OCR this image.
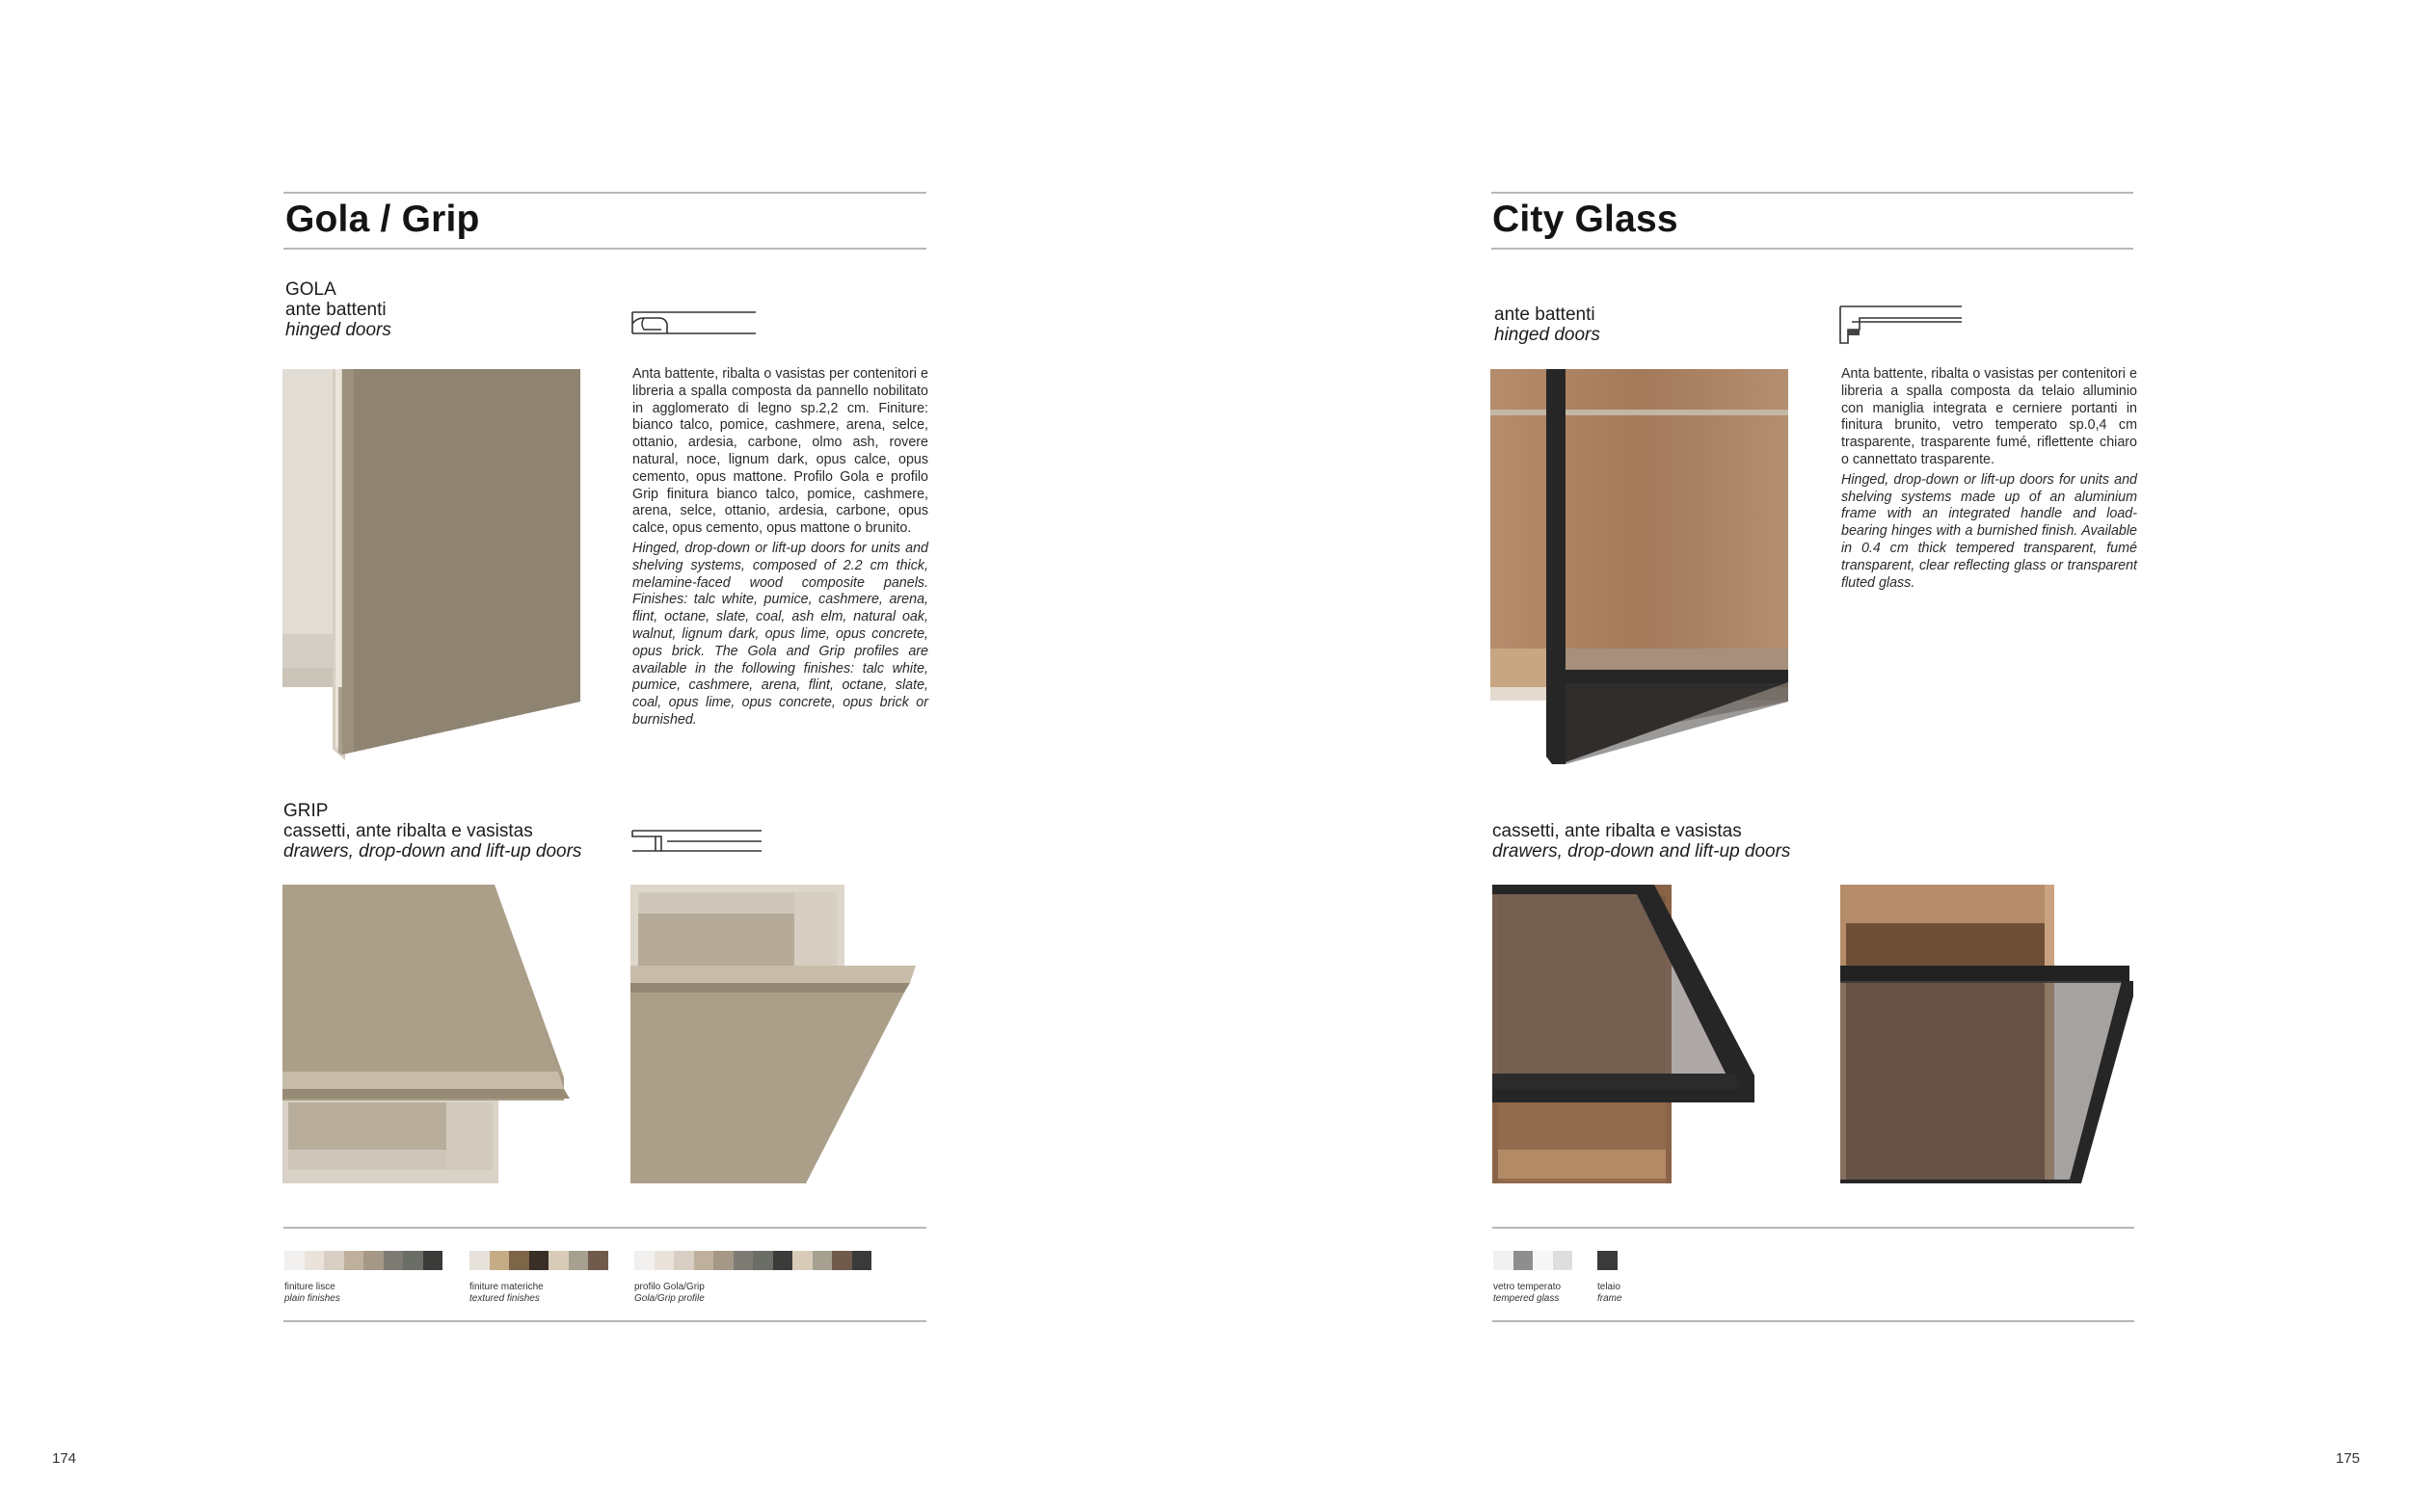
Gola / Grip
GOLA
ante battenti
hinged doors

Anta battente, ribalta o vasistas per contenitori e libreria a spalla composta da pannello nobilitato in agglomerato di legno sp.2,2 cm. Finiture: bianco talco, pomice, cashmere, arena, selce, ottanio, ardesia, carbone, olmo ash, rovere natural, noce, lignum dark, opus calce, opus cemento, opus mattone. Profilo Gola e profilo Grip finitura bianco talco, pomice, cashmere, arena, selce, ottanio, ardesia, carbone, opus calce, opus cemento, opus mattone o brunito.

Hinged, drop-down or lift-up doors for units and shelving systems, composed of 2.2 cm thick, melamine-faced wood composite panels. Finishes: talc white, pumice, cashmere, arena, flint, octane, slate, coal, ash elm, natural oak, walnut, lignum dark, opus lime, opus concrete, opus brick. The Gola and Grip profiles are available in the following finishes: talc white, pumice, cashmere, arena, flint, octane, slate, coal, opus lime, opus concrete, opus brick or burnished.

GRIP
cassetti, ante ribalta e vasistas
drawers, drop-down and lift-up doors
finiture lisce
plain finishes
finiture materiche
textured finishes
profilo Gola/Grip
Gola/Grip profile
174
City Glass
ante battenti
hinged doors

Anta battente, ribalta o vasistas per contenitori e libreria a spalla composta da telaio alluminio con maniglia integrata e cerniere portanti in finitura brunito, vetro temperato sp.0,4 cm trasparente, trasparente fumé, riflettente chiaro o cannettato trasparente.

Hinged, drop-down or lift-up doors for units and shelving systems made up of an aluminium frame with an integrated handle and load-bearing hinges with a burnished finish. Available in 0.4 cm thick tempered transparent, fumé transparent, clear reflecting glass or transparent fluted glass.

cassetti, ante ribalta e vasistas
drawers, drop-down and lift-up doors
vetro temperato
tempered glass
telaio
frame
175
